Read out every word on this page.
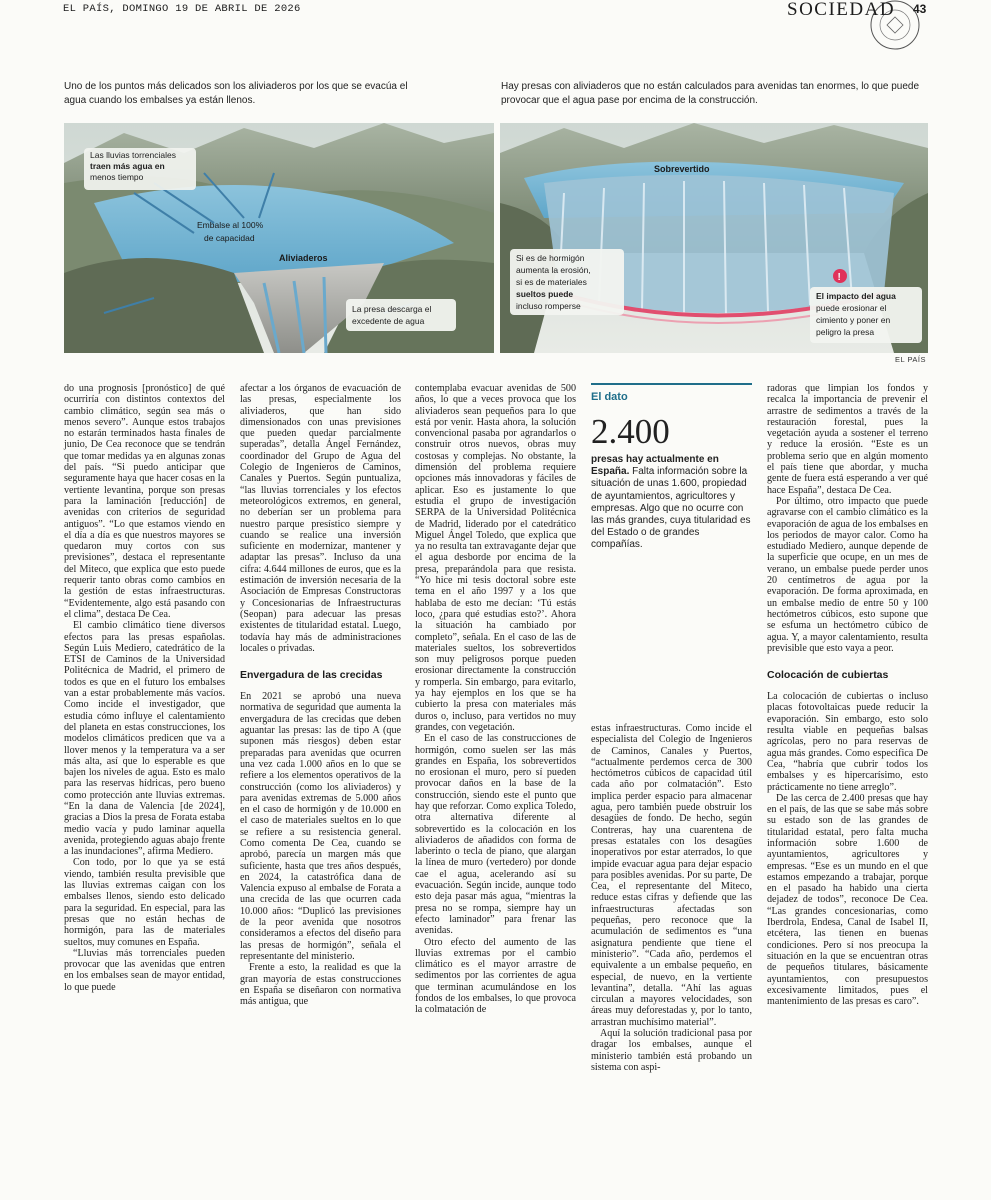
EL PAÍS, DOMINGO 19 DE ABRIL DE 2026	SOCIEDAD 43
Uno de los puntos más delicados son los aliviaderos por los que se evacúa el agua cuando los embalses ya están llenos.
Hay presas con aliviaderos que no están calculados para avenidas tan enormes, lo que puede provocar que el agua pase por encima de la construcción.
Las lluvias torrenciales
traen más agua en
menos tiempo
Embalse al 100%
de capacidad
Aliviaderos
La presa descarga el
excedente de agua
Sobrevertido
Si es de hormigón
aumenta la erosión,
si es de materiales
sueltos puede
incluso romperse
!
El impacto del agua
puede erosionar el
cimiento y poner en
peligro la presa
EL PAÍS

do una prognosis [pronóstico] de qué ocurriría con distintos contextos del cambio climático, según sea más o menos severo”. Aunque estos trabajos no estarán terminados hasta finales de junio, De Cea reconoce que se tendrán que tomar medidas ya en algunas zonas del país. “Si puedo anticipar que seguramente haya que hacer cosas en la vertiente levantina, porque son presas para la laminación [reducción] de avenidas con criterios de seguridad antiguos”. “Lo que estamos viendo en el día a día es que nuestros mayores se quedaron muy cortos con sus previsiones”, destaca el representante del Miteco, que explica que esto puede requerir tanto obras como cambios en la gestión de estas infraestructuras. “Evidentemente, algo está pasando con el clima”, destaca De Cea.

El cambio climático tiene diversos efectos para las presas españolas. Según Luis Mediero, catedrático de la ETSI de Caminos de la Universidad Politécnica de Madrid, el primero de todos es que en el futuro los embalses van a estar probablemente más vacíos. Como incide el investigador, que estudia cómo influye el calentamiento del planeta en estas construcciones, los modelos climáticos predicen que va a llover menos y la temperatura va a ser más alta, así que lo esperable es que bajen los niveles de agua. Esto es malo para las reservas hídricas, pero bueno como protección ante lluvias extremas. “En la dana de Valencia [de 2024], gracias a Dios la presa de Forata estaba medio vacía y pudo laminar aquella avenida, protegiendo aguas abajo frente a las inundaciones”, afirma Mediero.

Con todo, por lo que ya se está viendo, también resulta previsible que las lluvias extremas caigan con los embalses llenos, siendo esto delicado para la seguridad. En especial, para las presas que no están hechas de hormigón, para las de materiales sueltos, muy comunes en España.

“Lluvias más torrenciales pueden provocar que las avenidas que entren en los embalses sean de mayor entidad, lo que puede

afectar a los órganos de evacuación de las presas, especialmente los aliviaderos, que han sido dimensionados con unas previsiones que pueden quedar parcialmente superadas”, detalla Ángel Fernández, coordinador del Grupo de Agua del Colegio de Ingenieros de Caminos, Canales y Puertos. Según puntualiza, “las lluvias torrenciales y los efectos meteorológicos extremos, en general, no deberían ser un problema para nuestro parque presístico siempre y cuando se realice una inversión suficiente en modernizar, mantener y adaptar las presas”. Incluso da una cifra: 4.644 millones de euros, que es la estimación de inversión necesaria de la Asociación de Empresas Constructoras y Concesionarias de Infraestructuras (Seopan) para adecuar las presas existentes de titularidad estatal. Luego, todavía hay más de administraciones locales o privadas.

Envergadura de las crecidas

En 2021 se aprobó una nueva normativa de seguridad que aumenta la envergadura de las crecidas que deben aguantar las presas: las de tipo A (que suponen más riesgos) deben estar preparadas para avenidas que ocurren una vez cada 1.000 años en lo que se refiere a los elementos operativos de la construcción (como los aliviaderos) y para avenidas extremas de 5.000 años en el caso de hormigón y de 10.000 en el caso de materiales sueltos en lo que se refiere a su resistencia general. Como comenta De Cea, cuando se aprobó, parecía un margen más que suficiente, hasta que tres años después, en 2024, la catastrófica dana de Valencia expuso al embalse de Forata a una crecida de las que ocurren cada 10.000 años: “Duplicó las previsiones de la peor avenida que nosotros consideramos a efectos del diseño para las presas de hormigón”, señala el representante del ministerio.

Frente a esto, la realidad es que la gran mayoría de estas construcciones en España se diseñaron con normativa más antigua, que

contemplaba evacuar avenidas de 500 años, lo que a veces provoca que los aliviaderos sean pequeños para lo que está por venir. Hasta ahora, la solución convencional pasaba por agrandarlos o construir otros nuevos, obras muy costosas y complejas. No obstante, la dimensión del problema requiere opciones más innovadoras y fáciles de aplicar. Eso es justamente lo que estudia el grupo de investigación SERPA de la Universidad Politécnica de Madrid, liderado por el catedrático Miguel Ángel Toledo, que explica que ya no resulta tan extravagante dejar que el agua desborde por encima de la presa, preparándola para que resista. “Yo hice mi tesis doctoral sobre este tema en el año 1997 y a los que hablaba de esto me decían: ‘Tú estás loco, ¿para qué estudias esto?’. Ahora la situación ha cambiado por completo”, señala. En el caso de las de materiales sueltos, los sobrevertidos son muy peligrosos porque pueden erosionar directamente la construcción y romperla. Sin embargo, para evitarlo, ya hay ejemplos en los que se ha cubierto la presa con materiales más duros o, incluso, para vertidos no muy grandes, con vegetación.

En el caso de las construcciones de hormigón, como suelen ser las más grandes en España, los sobrevertidos no erosionan el muro, pero sí pueden provocar daños en la base de la construcción, siendo este el punto que hay que reforzar. Como explica Toledo, otra alternativa diferente al sobrevertido es la colocación en los aliviaderos de añadidos con forma de laberinto o tecla de piano, que alargan la línea de muro (vertedero) por donde cae el agua, acelerando así su evacuación. Según incide, aunque todo esto deja pasar más agua, “mientras la presa no se rompa, siempre hay un efecto laminador” para frenar las avenidas.

Otro efecto del aumento de las lluvias extremas por el cambio climático es el mayor arrastre de sedimentos por las corrientes de agua que terminan acumulándose en los fondos de los embalses, lo que provoca la colmatación de

El dato
2.400
presas hay actualmente en España. Falta información sobre la situación de unas 1.600, propiedad de ayuntamientos, agricultores y empresas. Algo que no ocurre con las más grandes, cuya titularidad es del Estado o de grandes compañías.

estas infraestructuras. Como incide el especialista del Colegio de Ingenieros de Caminos, Canales y Puertos, “actualmente perdemos cerca de 300 hectómetros cúbicos de capacidad útil cada año por colmatación”. Esto implica perder espacio para almacenar agua, pero también puede obstruir los desagües de fondo. De hecho, según Contreras, hay una cuarentena de presas estatales con los desagües inoperativos por estar aterrados, lo que impide evacuar agua para dejar espacio para posibles avenidas. Por su parte, De Cea, el representante del Miteco, reduce estas cifras y defiende que las infraestructuras afectadas son pequeñas, pero reconoce que la acumulación de sedimentos es “una asignatura pendiente que tiene el ministerio”. “Cada año, perdemos el equivalente a un embalse pequeño, en especial, de nuevo, en la vertiente levantina”, detalla. “Ahí las aguas circulan a mayores velocidades, son áreas muy deforestadas y, por lo tanto, arrastran muchísimo material”.

Aquí la solución tradicional pasa por dragar los embalses, aunque el ministerio también está probando un sistema con aspi-

radoras que limpian los fondos y recalca la importancia de prevenir el arrastre de sedimentos a través de la restauración forestal, pues la vegetación ayuda a sostener el terreno y reduce la erosión. “Este es un problema serio que en algún momento el país tiene que abordar, y mucha gente de fuera está esperando a ver qué hace España”, destaca De Cea.

Por último, otro impacto que puede agravarse con el cambio climático es la evaporación de agua de los embalses en los periodos de mayor calor. Como ha estudiado Mediero, aunque depende de la superficie que ocupe, en un mes de verano, un embalse puede perder unos 20 centímetros de agua por la evaporación. De forma aproximada, en un embalse medio de entre 50 y 100 hectómetros cúbicos, esto supone que se esfuma un hectómetro cúbico de agua. Y, a mayor calentamiento, resulta previsible que esto vaya a peor.

Colocación de cubiertas

La colocación de cubiertas o incluso placas fotovoltaicas puede reducir la evaporación. Sin embargo, esto solo resulta viable en pequeñas balsas agrícolas, pero no para reservas de agua más grandes. Como especifica De Cea, “habría que cubrir todos los embalses y es hipercarísimo, esto prácticamente no tiene arreglo”.

De las cerca de 2.400 presas que hay en el país, de las que se sabe más sobre su estado son de las grandes de titularidad estatal, pero falta mucha información sobre 1.600 de ayuntamientos, agricultores y empresas. “Ese es un mundo en el que estamos empezando a trabajar, porque en el pasado ha habido una cierta dejadez de todos”, reconoce De Cea. “Las grandes concesionarias, como Iberdrola, Endesa, Canal de Isabel II, etcétera, las tienen en buenas condiciones. Pero sí nos preocupa la situación en la que se encuentran otras de pequeños titulares, básicamente ayuntamientos, con presupuestos excesivamente limitados, pues el mantenimiento de las presas es caro”.
